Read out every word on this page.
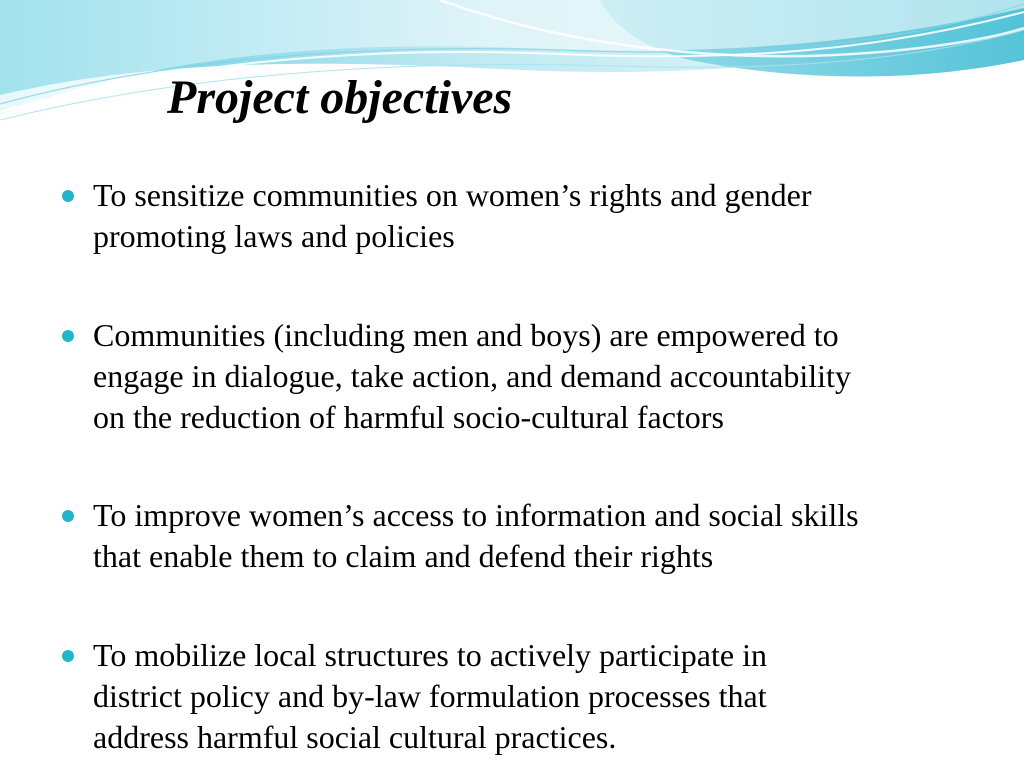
Project objectives

To sensitize communities on women’s rights and gender
promoting laws and policies

Communities (including men and boys) are empowered to
engage in dialogue, take action, and demand accountability
on the reduction of harmful socio-cultural factors

To improve women’s access to information and social skills
that enable them to claim and defend their rights

To mobilize local structures to actively participate in
district policy and by-law formulation processes that
address harmful social cultural practices.
